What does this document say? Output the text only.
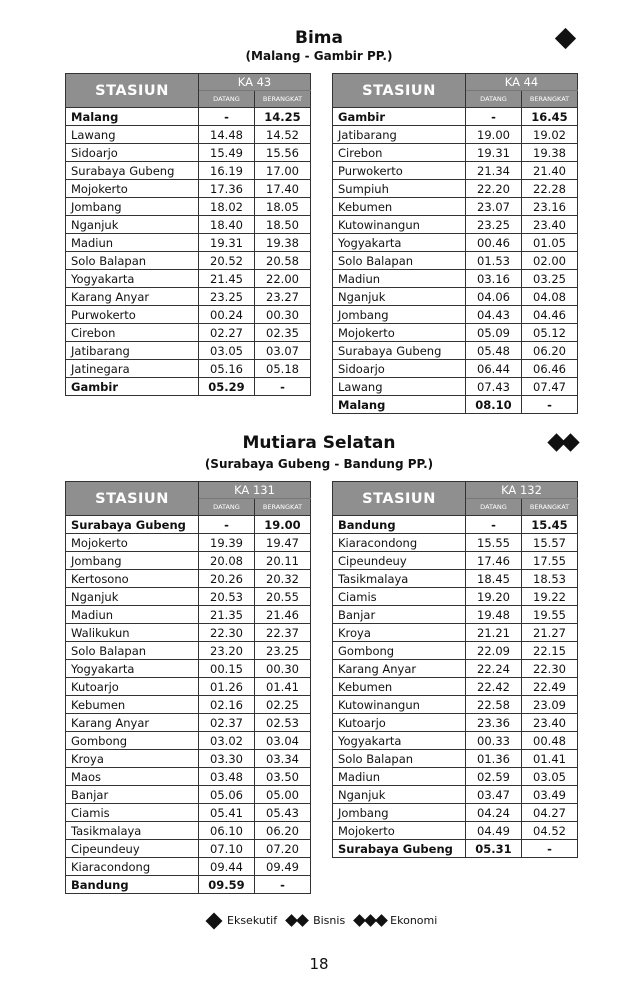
Bima
(Malang - Gambir PP.)
STASIUN	KA 43	
	DATANG	BERANGKAT
Malang	-	14.25
Lawang	14.48	14.52
Sidoarjo	15.49	15.56
Surabaya Gubeng	16.19	17.00
Mojokerto	17.36	17.40
Jombang	18.02	18.05
Nganjuk	18.40	18.50
Madiun	19.31	19.38
Solo Balapan	20.52	20.58
Yogyakarta	21.45	22.00
Karang Anyar	23.25	23.27
Purwokerto	00.24	00.30
Cirebon	02.27	02.35
Jatibarang	03.05	03.07
Jatinegara	05.16	05.18
Gambir	05.29	-
STASIUN	KA 44	
	DATANG	BERANGKAT
Gambir	-	16.45
Jatibarang	19.00	19.02
Cirebon	19.31	19.38
Purwokerto	21.34	21.40
Sumpiuh	22.20	22.28
Kebumen	23.07	23.16
Kutowinangun	23.25	23.40
Yogyakarta	00.46	01.05
Solo Balapan	01.53	02.00
Madiun	03.16	03.25
Nganjuk	04.06	04.08
Jombang	04.43	04.46
Mojokerto	05.09	05.12
Surabaya Gubeng	05.48	06.20
Sidoarjo	06.44	06.46
Lawang	07.43	07.47
Malang	08.10	-
Mutiara Selatan
(Surabaya Gubeng - Bandung PP.)
STASIUN	KA 131	
	DATANG	BERANGKAT
Surabaya Gubeng	-	19.00
Mojokerto	19.39	19.47
Jombang	20.08	20.11
Kertosono	20.26	20.32
Nganjuk	20.53	20.55
Madiun	21.35	21.46
Walikukun	22.30	22.37
Solo Balapan	23.20	23.25
Yogyakarta	00.15	00.30
Kutoarjo	01.26	01.41
Kebumen	02.16	02.25
Karang Anyar	02.37	02.53
Gombong	03.02	03.04
Kroya	03.30	03.34
Maos	03.48	03.50
Banjar	05.06	05.00
Ciamis	05.41	05.43
Tasikmalaya	06.10	06.20
Cipeundeuy	07.10	07.20
Kiaracondong	09.44	09.49
Bandung	09.59	-
STASIUN	KA 132	
	DATANG	BERANGKAT
Bandung	-	15.45
Kiaracondong	15.55	15.57
Cipeundeuy	17.46	17.55
Tasikmalaya	18.45	18.53
Ciamis	19.20	19.22
Banjar	19.48	19.55
Kroya	21.21	21.27
Gombong	22.09	22.15
Karang Anyar	22.24	22.30
Kebumen	22.42	22.49
Kutowinangun	22.58	23.09
Kutoarjo	23.36	23.40
Yogyakarta	00.33	00.48
Solo Balapan	01.36	01.41
Madiun	02.59	03.05
Nganjuk	03.47	03.49
Jombang	04.24	04.27
Mojokerto	04.49	04.52
Surabaya Gubeng	05.31	-
Eksekutif	Bisnis	Ekonomi
18
